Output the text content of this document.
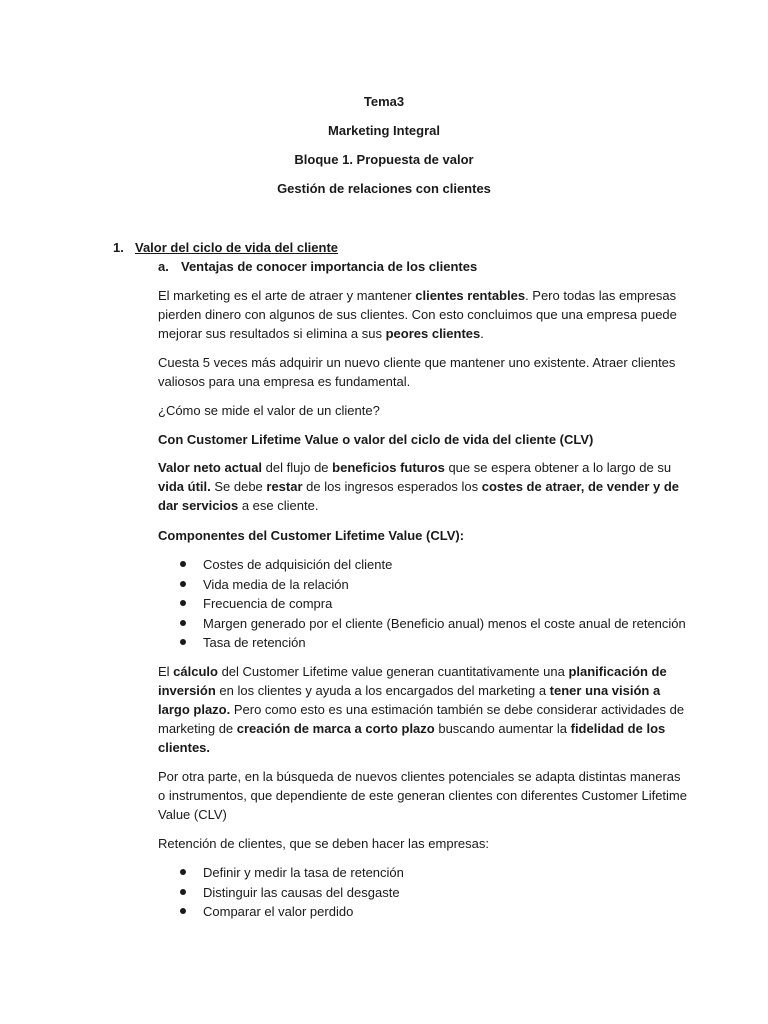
Tema3
Marketing Integral
Bloque 1. Propuesta de valor
Gestión de relaciones con clientes
1. Valor del ciclo de vida del cliente
a. Ventajas de conocer importancia de los clientes
El marketing es el arte de atraer y mantener clientes rentables. Pero todas las empresas pierden dinero con algunos de sus clientes. Con esto concluimos que una empresa puede mejorar sus resultados si elimina a sus peores clientes.
Cuesta 5 veces más adquirir un nuevo cliente que mantener uno existente. Atraer clientes valiosos para una empresa es fundamental.
¿Cómo se mide el valor de un cliente?
Con Customer Lifetime Value o valor del ciclo de vida del cliente (CLV)
Valor neto actual del flujo de beneficios futuros que se espera obtener a lo largo de su vida útil. Se debe restar de los ingresos esperados los costes de atraer, de vender y de dar servicios a ese cliente.
Componentes del Customer Lifetime Value (CLV):
Costes de adquisición del cliente
Vida media de la relación
Frecuencia de compra
Margen generado por el cliente (Beneficio anual) menos el coste anual de retención
Tasa de retención
El cálculo del Customer Lifetime value generan cuantitativamente una planificación de inversión en los clientes y ayuda a los encargados del marketing a tener una visión a largo plazo. Pero como esto es una estimación también se debe considerar actividades de marketing de creación de marca a corto plazo buscando aumentar la fidelidad de los clientes.
Por otra parte, en la búsqueda de nuevos clientes potenciales se adapta distintas maneras o instrumentos, que dependiente de este generan clientes con diferentes Customer Lifetime Value (CLV)
Retención de clientes, que se deben hacer las empresas:
Definir y medir la tasa de retención
Distinguir las causas del desgaste
Comparar el valor perdido
